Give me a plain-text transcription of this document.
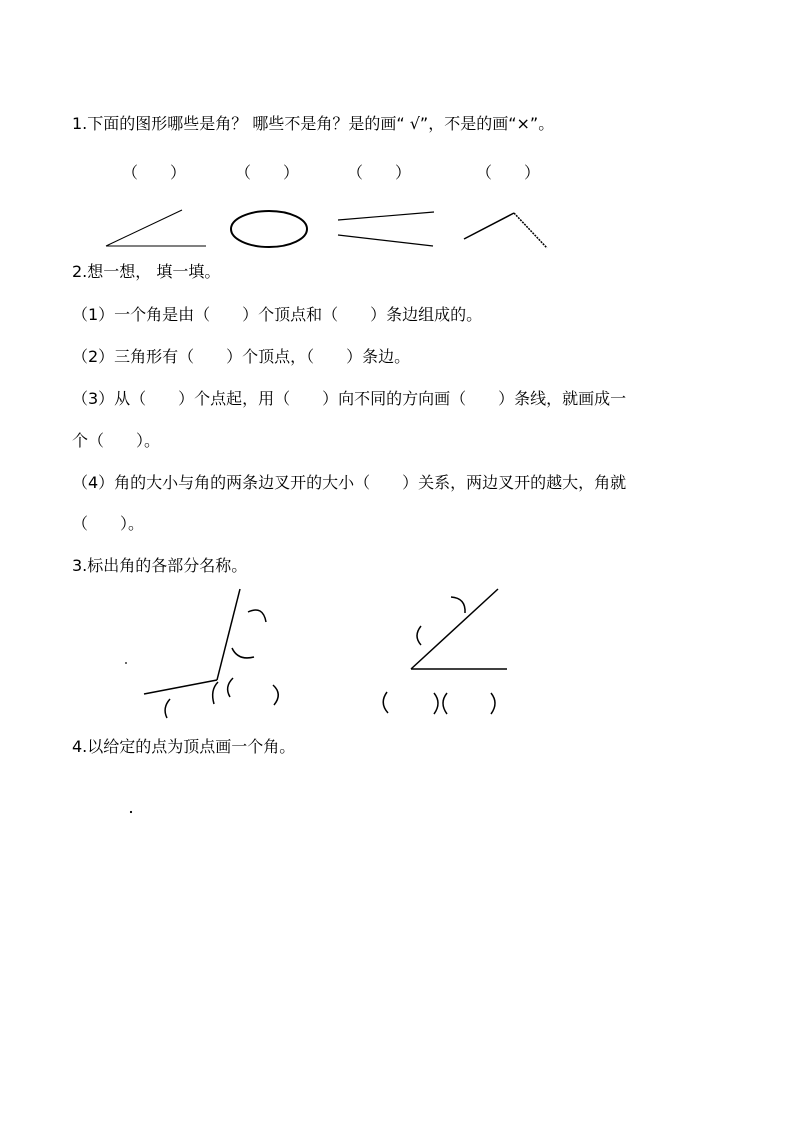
1.下面的图形哪些是角？ 哪些不是角？是的画“ √”，不是的画“×”。
（　　）	（　　）	（　　）	（　　）
2.想一想， 填一填。
（1）一个角是由（　　）个顶点和（　　）条边组成的。
（2）三角形有（　　）个顶点，（　　）条边。
（3）从（　　）个点起，用（　　）向不同的方向画（　　）条线，就画成一
个（　　）。
（4）角的大小与角的两条边叉开的大小（　　）关系，两边叉开的越大，角就
（　　）。
3.标出角的各部分名称。
4.以给定的点为顶点画一个角。
